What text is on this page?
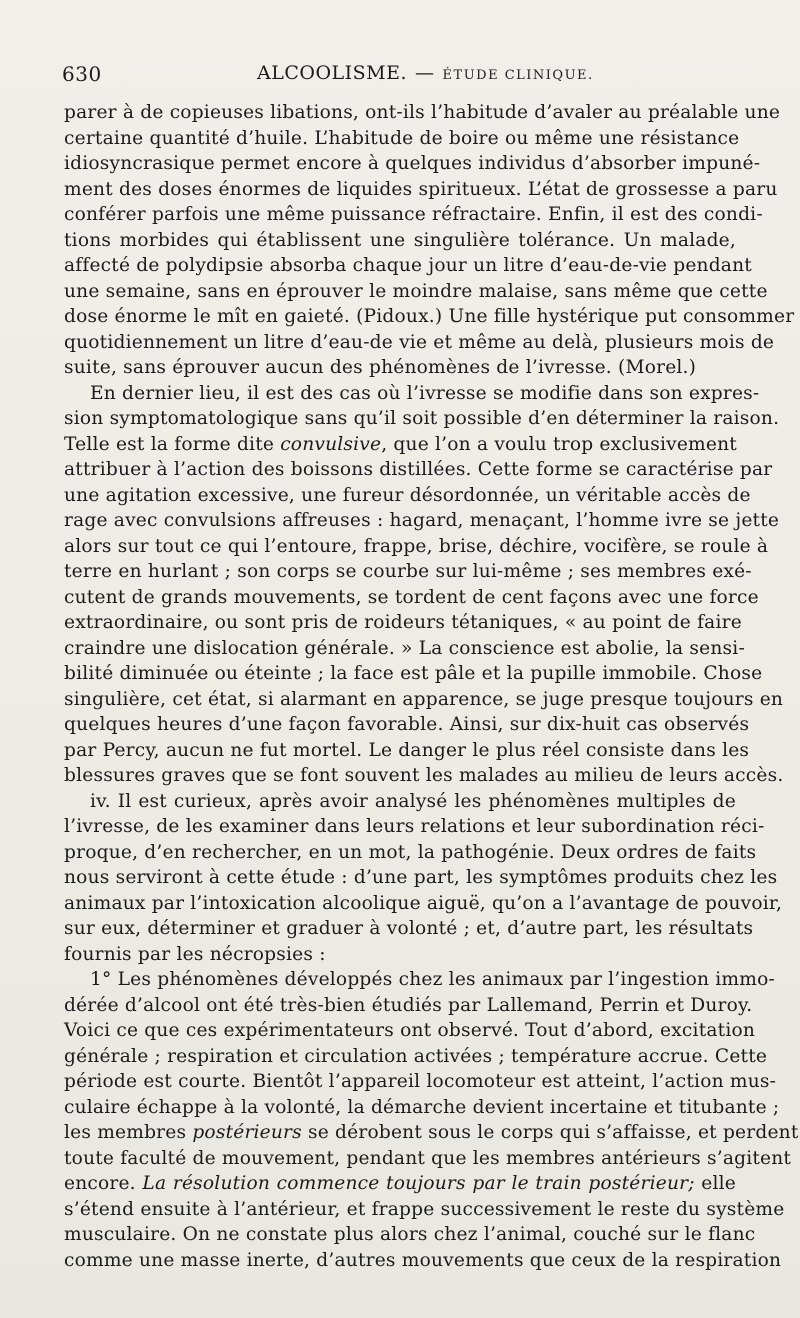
630	ALCOOLISME. — ÉTUDE CLINIQUE.
parer à de copieuses libations, ont-ils l’habitude d’avaler au préalable une
certaine quantité d’huile. L’habitude de boire ou même une résistance
idiosyncrasique permet encore à quelques individus d’absorber impuné-
ment des doses énormes de liquides spiritueux. L’état de grossesse a paru
conférer parfois une même puissance réfractaire. Enfin, il est des condi-
tions morbides qui établissent une singulière tolérance. Un malade,
affecté de polydipsie absorba chaque jour un litre d’eau-de-vie pendant
une semaine, sans en éprouver le moindre malaise, sans même que cette
dose énorme le mît en gaieté. (Pidoux.) Une fille hystérique put consommer
quotidiennement un litre d’eau-de vie et même au delà, plusieurs mois de
suite, sans éprouver aucun des phénomènes de l’ivresse. (Morel.)
En dernier lieu, il est des cas où l’ivresse se modifie dans son expres-
sion symptomatologique sans qu’il soit possible d’en déterminer la raison.
Telle est la forme dite convulsive, que l’on a voulu trop exclusivement
attribuer à l’action des boissons distillées. Cette forme se caractérise par
une agitation excessive, une fureur désordonnée, un véritable accès de
rage avec convulsions affreuses : hagard, menaçant, l’homme ivre se jette
alors sur tout ce qui l’entoure, frappe, brise, déchire, vocifère, se roule à
terre en hurlant ; son corps se courbe sur lui-même ; ses membres exé-
cutent de grands mouvements, se tordent de cent façons avec une force
extraordinaire, ou sont pris de roideurs tétaniques, « au point de faire
craindre une dislocation générale. » La conscience est abolie, la sensi-
bilité diminuée ou éteinte ; la face est pâle et la pupille immobile. Chose
singulière, cet état, si alarmant en apparence, se juge presque toujours en
quelques heures d’une façon favorable. Ainsi, sur dix-huit cas observés
par Percy, aucun ne fut mortel. Le danger le plus réel consiste dans les
blessures graves que se font souvent les malades au milieu de leurs accès.
iv. Il est curieux, après avoir analysé les phénomènes multiples de
l’ivresse, de les examiner dans leurs relations et leur subordination réci-
proque, d’en rechercher, en un mot, la pathogénie. Deux ordres de faits
nous serviront à cette étude : d’une part, les symptômes produits chez les
animaux par l’intoxication alcoolique aiguë, qu’on a l’avantage de pouvoir,
sur eux, déterminer et graduer à volonté ; et, d’autre part, les résultats
fournis par les nécropsies :
1° Les phénomènes développés chez les animaux par l’ingestion immo-
dérée d’alcool ont été très-bien étudiés par Lallemand, Perrin et Duroy.
Voici ce que ces expérimentateurs ont observé. Tout d’abord, excitation
générale ; respiration et circulation activées ; température accrue. Cette
période est courte. Bientôt l’appareil locomoteur est atteint, l’action mus-
culaire échappe à la volonté, la démarche devient incertaine et titubante ;
les membres postérieurs se dérobent sous le corps qui s’affaisse, et perdent
toute faculté de mouvement, pendant que les membres antérieurs s’agitent
encore. La résolution commence toujours par le train postérieur; elle
s’étend ensuite à l’antérieur, et frappe successivement le reste du système
musculaire. On ne constate plus alors chez l’animal, couché sur le flanc
comme une masse inerte, d’autres mouvements que ceux de la respiration
